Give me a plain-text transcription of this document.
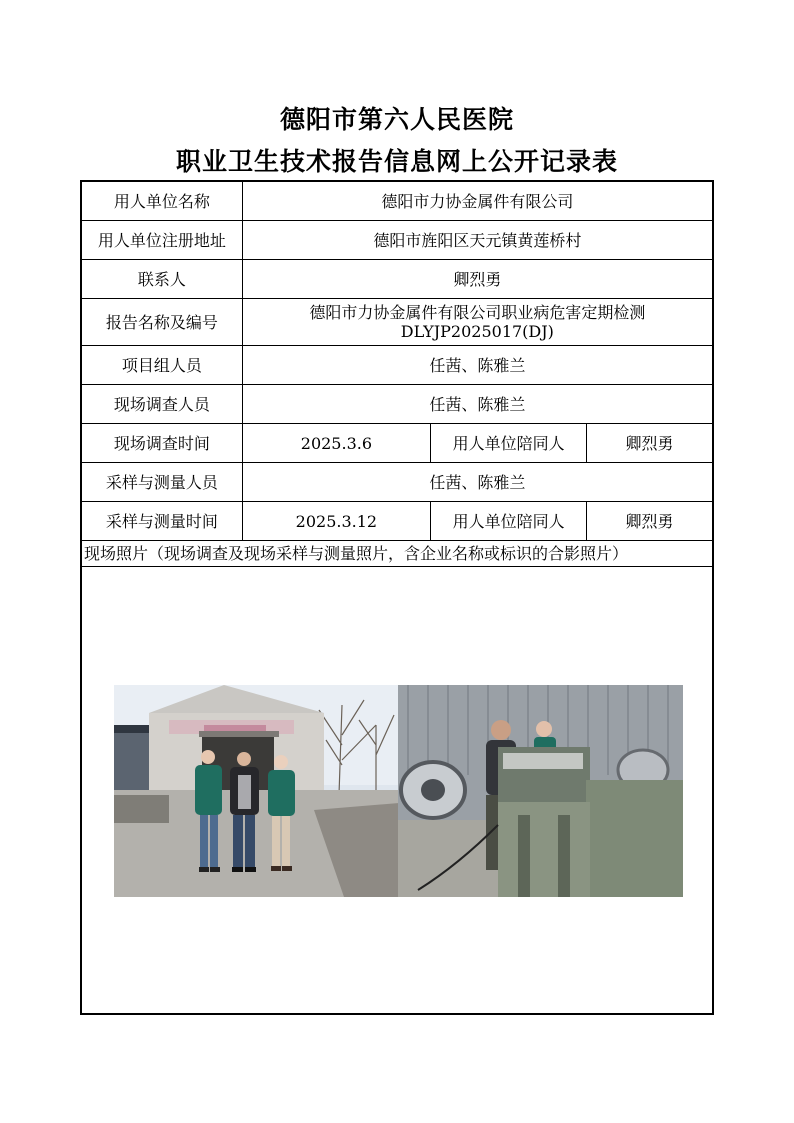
德阳市第六人民医院
职业卫生技术报告信息网上公开记录表
用人单位名称	德阳市力协金属件有限公司		
用人单位注册地址	德阳市旌阳区天元镇黄莲桥村		
联系人	卿烈勇		
报告名称及编号	德阳市力协金属件有限公司职业病危害定期检测
DLYJP2025017(DJ)		

项目组人员	任茜、陈雅兰		
现场调查人员	任茜、陈雅兰		
现场调查时间	2025.3.6	用人单位陪同人	卿烈勇
采样与测量人员	任茜、陈雅兰		
采样与测量时间	2025.3.12	用人单位陪同人	卿烈勇
现场照片（现场调查及现场采样与测量照片，含企业名称或标识的合影照片）			
